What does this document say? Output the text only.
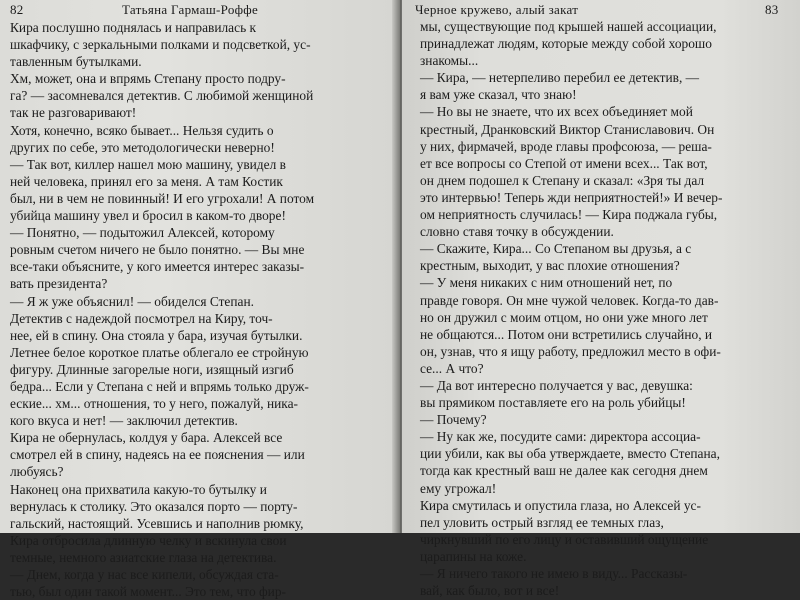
82	Татьяна Гармаш-Роффе
Кира послушно поднялась и направилась к
шкафчику, с зеркальными полками и подсветкой, ус-
тавленным бутылками.
Хм, может, она и впрямь Степану просто подру-
га? — засомневался детектив. С любимой женщиной
так не разговаривают!
Хотя, конечно, всяко бывает... Нельзя судить о
других по себе, это методологически неверно!
— Так вот, киллер нашел мою машину, увидел в
ней человека, принял его за меня. А там Костик
был, ни в чем не повинный! И его угрохали! А потом
убийца машину увел и бросил в каком-то дворе!
— Понятно, — подытожил Алексей, которому
ровным счетом ничего не было понятно. — Вы мне
все-таки объясните, у кого имеется интерес заказы-
вать президента?
— Я ж уже объяснил! — обиделся Степан.
Детектив с надеждой посмотрел на Киру, точ-
нее, ей в спину. Она стояла у бара, изучая бутылки.
Летнее белое короткое платье облегало ее стройную
фигуру. Длинные загорелые ноги, изящный изгиб
бедра... Если у Степана с ней и впрямь только друж-
еские... хм... отношения, то у него, пожалуй, ника-
кого вкуса и нет! — заключил детектив.
Кира не обернулась, колдуя у бара. Алексей все
смотрел ей в спину, надеясь на ее пояснения — или
любуясь?
Наконец она прихватила какую-то бутылку и
вернулась к столику. Это оказался порто — порту-
гальский, настоящий. Усевшись и наполнив рюмку,
Кира отбросила длинную челку и вскинула свои
темные, немного азиатские глаза на детектива.
— Днем, когда у нас все кипели, обсуждая ста-
тью, был один такой момент... Это тем, что фир-
Черное кружево, алый закат	83
мы, существующие под крышей нашей ассоциации,
принадлежат людям, которые между собой хорошо
знакомы...
— Кира, — нетерпеливо перебил ее детектив, —
я вам уже сказал, что знаю!
— Но вы не знаете, что их всех объединяет мой
крестный, Дранковский Виктор Станиславович. Он
у них, фирмачей, вроде главы профсоюза, — реша-
ет все вопросы со Степой от имени всех... Так вот,
он днем подошел к Степану и сказал: «Зря ты дал
это интервью! Теперь жди неприятностей!» И вечер-
ом неприятность случилась! — Кира поджала губы,
словно ставя точку в обсуждении.
— Скажите, Кира... Со Степаном вы друзья, а с
крестным, выходит, у вас плохие отношения?
— У меня никаких с ним отношений нет, по
правде говоря. Он мне чужой человек. Когда-то дав-
но он дружил с моим отцом, но они уже много лет
не общаются... Потом они встретились случайно, и
он, узнав, что я ищу работу, предложил место в офи-
се... А что?
— Да вот интересно получается у вас, девушка:
вы прямиком поставляете его на роль убийцы!
— Почему?
— Ну как же, посудите сами: директора ассоциа-
ции убили, как вы оба утверждаете, вместо Степана,
тогда как крестный ваш не далее как сегодня днем
ему угрожал!
Кира смутилась и опустила глаза, но Алексей ус-
пел уловить острый взгляд ее темных глаз,
чиркнувший по его лицу и оставивший ощущение
царапины на коже.
— Я ничего такого не имею в виду... Рассказы-
вай, как было, вот и все!
